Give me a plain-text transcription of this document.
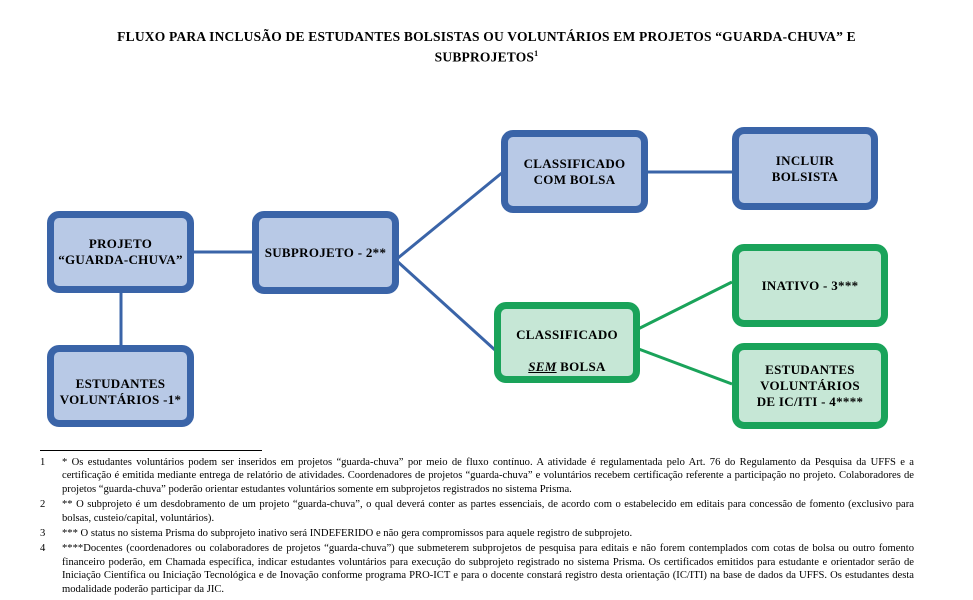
FLUXO PARA INCLUSÃO DE ESTUDANTES BOLSISTAS OU VOLUNTÁRIOS EM PROJETOS “GUARDA-CHUVA” E
SUBPROJETOS$^1$
PROJETO
“GUARDA-CHUVA”
ESTUDANTES
VOLUNTÁRIOS -1*
SUBPROJETO - 2**
CLASSIFICADO
COM BOLSA
INCLUIR
BOLSISTA

CLASSIFICADO

SEM BOLSA

INATIVO - 3***
ESTUDANTES
VOLUNTÁRIOS
DE IC/ITI - 4****
1	* Os estudantes voluntários podem ser inseridos em projetos “guarda-chuva” por meio de fluxo contínuo. A atividade é regulamentada pelo Art. 76 do Regulamento da Pesquisa da UFFS e a certificação é emitida mediante entrega de relatório de atividades. Coordenadores de projetos “guarda-chuva” e voluntários recebem certificação referente a participação no projeto. Colaboradores de projetos “guarda-chuva” poderão orientar estudantes voluntários somente em subprojetos registrados no sistema Prisma.
2	** O subprojeto é um desdobramento de um projeto “guarda-chuva”, o qual deverá conter as partes essenciais, de acordo com o estabelecido em editais para concessão de fomento (exclusivo para bolsas, custeio/capital, voluntários).
3	*** O status no sistema Prisma do subprojeto inativo será INDEFERIDO e não gera compromissos para aquele registro de subprojeto.
4	****Docentes (coordenadores ou colaboradores de projetos “guarda-chuva”) que submeterem subprojetos de pesquisa para editais e não forem contemplados com cotas de bolsa ou outro fomento financeiro poderão, em Chamada específica, indicar estudantes voluntários para execução do subprojeto registrado no sistema Prisma. Os certificados emitidos para estudante e orientador serão de Iniciação Científica ou Iniciação Tecnológica e de Inovação conforme programa PRO-ICT e para o docente constará registro desta orientação (IC/ITI) na base de dados da UFFS. Os estudantes desta modalidade poderão participar da JIC.
